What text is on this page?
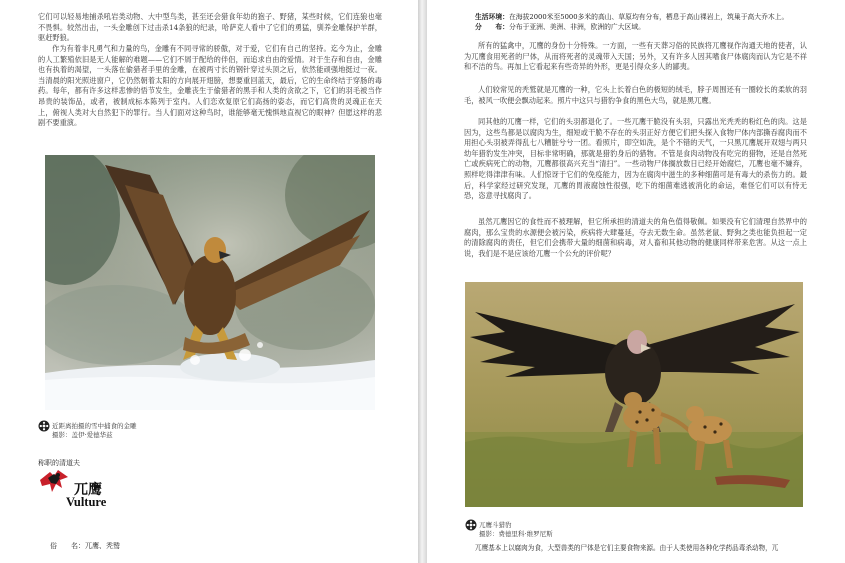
它们可以轻易地捕杀吼岩类动物、大中型鸟类，甚至还会猎食年幼的狍子、野猪，某些时候，它们连狼也毫不畏惧。较然出击，一头金雕创下过击杀14条狼的纪录，哈萨克人看中了它们的勇猛，驯养金雕保护羊群，驱赶野狼。

作为有着非凡勇气和力量的鸟，金雕有不同寻常的骄傲，对于爱，它们有自己的坚持。迄今为止，金雕的人工繁殖依旧是无人能解的难题——它们不屑于配给的伴侣，而追求自由的爱情。对于生存和自由，金雕也有执着的渴望，一头落在偷猎者手里的金雕，在被两寸长的钢针穿过头顶之后，依然能顽强地挺过一夜。当清晨的阳光照进窗户，它仍然朝着太阳的方向展开翅膀，想要重回蓝天，最后，它的生命终结于穿肠的毒药。每年，都有许多这样悲惨的悟节发生，金雕丧生于偷猎者的黑手和人类的贪欲之下，它们的羽毛被当作昂贵的装饰品，或者，被制成标本陈列于室内。人们恋欢复原它们高扬的姿态，而它们高贵的灵魂正在天上，俯视人类对大自然犯下的罪行。当人们面对这种鸟时，谁能够毫无愧惧地直视它的眼神？但愿这样的悲剧不要重演。

近距离拍摄的雪中捕食的金雕
摄影：盖伊·爱德华兹
称职的清道夫
兀鹰
Vulture
俗　　名：兀鹰、秃鹫
生活环境：在海拔2000米至5000多米的高山、草原均有分布，栖息于高山裸岩上，筑巢于高大乔木上。
分　　布：分布于亚洲、美洲、非洲，欧洲的广大区域。

所有的猛禽中，兀鹰的身份十分特殊。一方面，一些有天葬习俗的民族将兀鹰视作沟通天地的使者，认为兀鹰食用死者的尸体，从而将死者的灵魂带入天国；另外，又有许多人因其嗜食尸体腐肉而认为它是不祥和不洁的鸟。再加上它看起来有些奇异的外形，更是引得众多人的鄙夷。

人们较常见的秃鹫就是兀鹰的一种，它头上长着白色的极短的绒毛，脖子周围还有一圈较长的柔软的羽毛，被风一吹便会飘动起来。照片中这只与猎豹争食的黑色大鸟，就是黑兀鹰。

同其他的兀鹰一样，它们的头羽都退化了。一些兀鹰干脆没有头羽，只露出光秃秃的粉红色的肉。这是因为，这些鸟都是以腐肉为生，细短或干脆不存在的头羽正好方便它们把头探入食物尸体内部撕吞腐肉而不用担心头羽被弄得乱七八糟脏兮兮一团。看照片，即空如洗，是个不错的天气，一只黑兀鹰展开双翅与两只幼年猎豹发生冲突，目标非常明确，那就是猎豹身后的猎物。不管是食肉动物没有吃完的猎物，还是自然死亡或疾病死亡的动物，兀鹰都很高兴充当“清扫”。一些动物尸体搁放数日已经开始腐烂，兀鹰也毫不嫌弃，照样吃得津津有味。人们惊讶于它们的免疫能力，因为在腐肉中滋生的多种细菌可是有毒大的杀伤力的。最后，科学家经过研究发现，兀鹰的胃液腐蚀性很强，吃下的细菌难逃被消化的命运，难怪它们可以有恃无恐，恣意寻找腐肉了。

虽然兀鹰因它的食性而不被理解，但它所承担的清道夫的角色值得敬佩。如果没有它们清理自然界中的腐肉，那么宝贵的水源便会被污染，疾病将大肆蔓延，夺去无数生命。虽然老鼠、野狗之类也能负担起一定的清除腐肉的责任，但它们会携带大量的细菌和病毒，对人畜和其他动物的健康同样带来危害。从这一点上说，我们是不是应该给兀鹰一个公允的评价呢？

兀鹰斗猎豹
摄影：费德里科·维罗尼斯
兀鹰基本上以腐肉为食，大型兽类的尸体是它们主要食物来源。由于人类使用各种化学药品毒杀动物，兀
